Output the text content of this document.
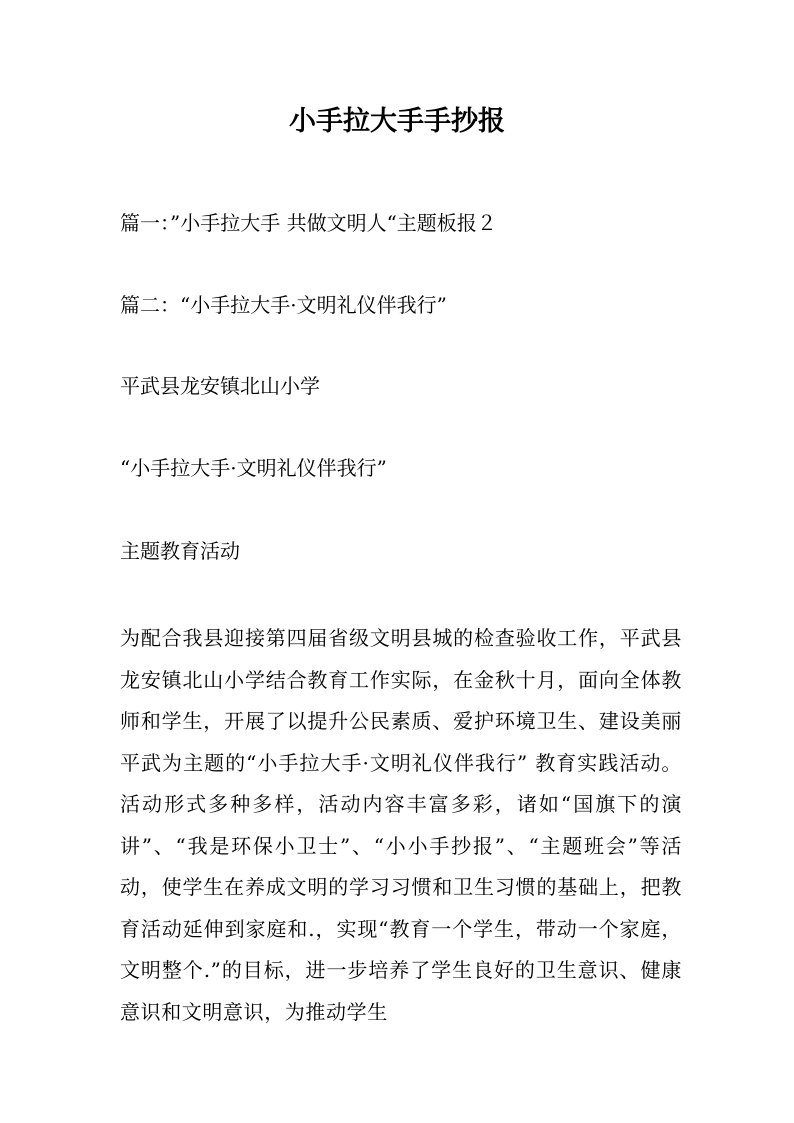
小手拉大手手抄报

篇一：”小手拉大手 共做文明人“主题板报２

篇二：“小手拉大手·文明礼仪伴我行”

平武县龙安镇北山小学

“小手拉大手·文明礼仪伴我行”

主题教育活动

为配合我县迎接第四届省级文明县城的检查验收工作，平武县龙安镇北山小学结合教育工作实际，在金秋十月，面向全体教师和学生，开展了以提升公民素质、爱护环境卫生、建设美丽平武为主题的“小手拉大手·文明礼仪伴我行” 教育实践活动。活动形式多种多样，活动内容丰富多彩，诸如“国旗下的演讲”、“我是环保小卫士”、“小小手抄报”、“主题班会”等活动，使学生在养成文明的学习习惯和卫生习惯的基础上，把教育活动延伸到家庭和.，实现“教育一个学生，带动一个家庭，文明整个.”的目标，进一步培养了学生良好的卫生意识、健康意识和文明意识，为推动学生
